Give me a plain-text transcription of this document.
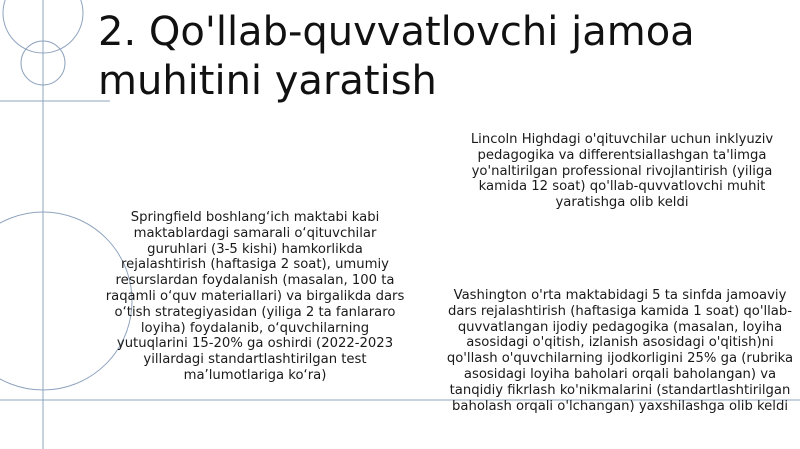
2. Qo'llab-quvvatlovchi jamoa muhitini yaratish

Springfield boshlang‘ich maktabi kabi maktablardagi samarali o‘qituvchilar guruhlari (3-5 kishi) hamkorlikda rejalashtirish (haftasiga 2 soat), umumiy resurslardan foydalanish (masalan, 100 ta raqamli o‘quv materiallari) va birgalikda dars o‘tish strategiyasidan (yiliga 2 ta fanlararo loyiha) foydalanib, o‘quvchilarning yutuqlarini 15-20% ga oshirdi (2022-2023 yillardagi standartlashtirilgan test ma’lumotlariga ko‘ra)

Lincoln Highdagi o'qituvchilar uchun inklyuziv pedagogika va differentsiallashgan ta'limga yo'naltirilgan professional rivojlantirish (yiliga kamida 12 soat) qo'llab-quvvatlovchi muhit yaratishga olib keldi

Vashington o'rta maktabidagi 5 ta sinfda jamoaviy dars rejalashtirish (haftasiga kamida 1 soat) qo'llab-quvvatlangan ijodiy pedagogika (masalan, loyiha asosidagi o'qitish, izlanish asosidagi o'qitish)ni qo'llash o'quvchilarning ijodkorligini 25% ga (rubrika asosidagi loyiha baholari orqali baholangan) va tanqidiy fikrlash ko'nikmalarini (standartlashtirilgan baholash orqali o'lchangan) yaxshilashga olib keldi
